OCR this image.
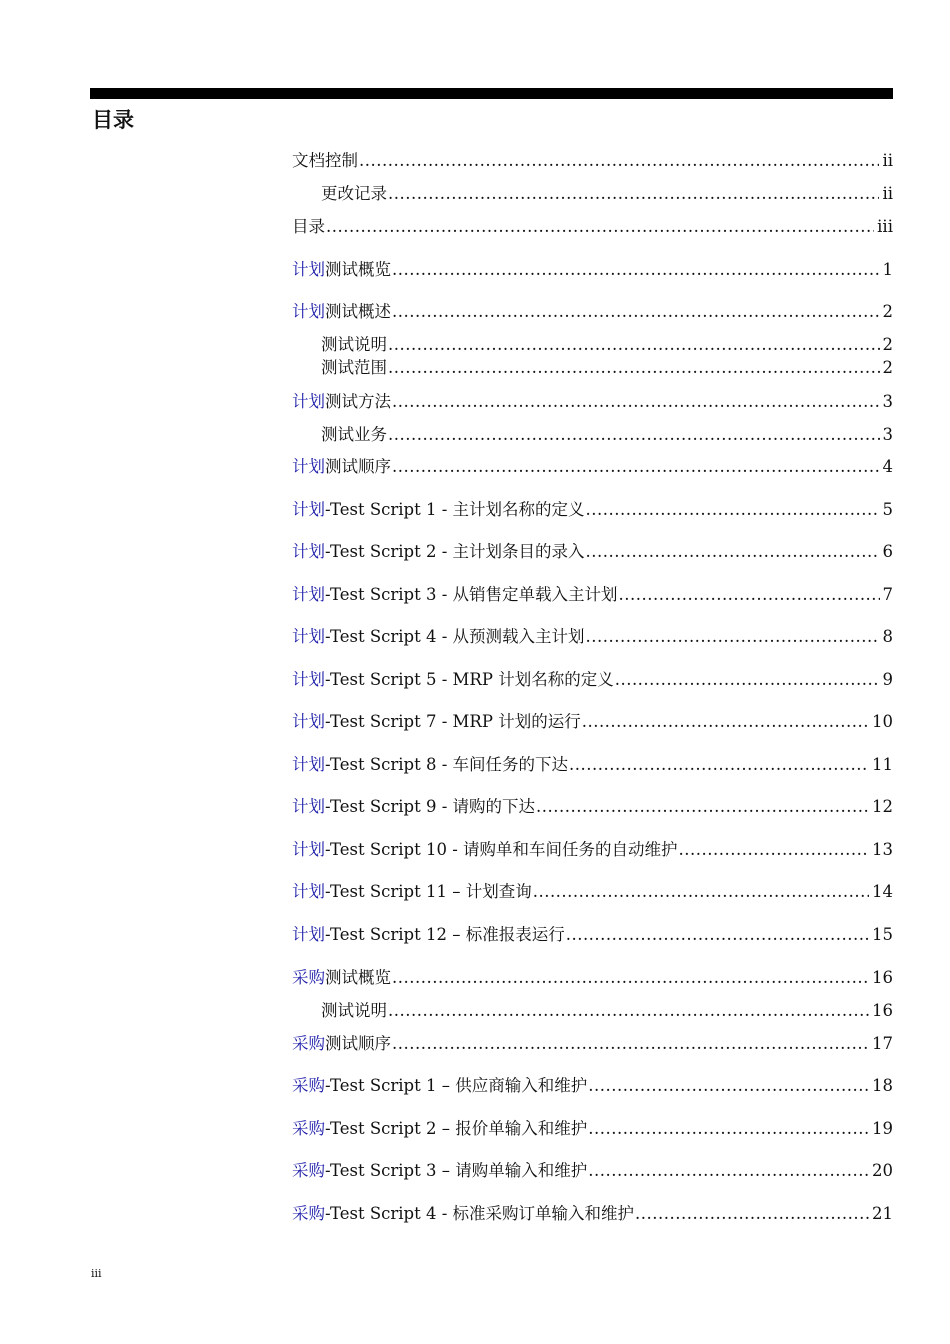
目录
文档控制 .....	ii
更改记录 .....	ii
目录 .....	iii
计划 测试概览 .....	1
计划 测试概述 .....	2
测试说明 .....	2
测试范围 .....	2
计划 测试方法 .....	3
测试业务 .....	3
计划 测试顺序 .....	4
计划 -Test Script 1 - 主计划名称的定义 .....	5
计划 -Test Script 2 - 主计划条目的录入 .....	6
计划 -Test Script 3 - 从销售定单载入主计划 .....	7
计划 -Test Script 4 - 从预测载入主计划 .....	8
计划 -Test Script 5 - MRP 计划名称的定义 .....	9
计划 -Test Script 7 - MRP 计划的运行 .....	10
计划 -Test Script 8 - 车间任务的下达 .....	11
计划 -Test Script 9 - 请购的下达 .....	12
计划 -Test Script 10 - 请购单和车间任务的自动维护 .....	13
计划 -Test Script 11 – 计划查询 .....	14
计划 -Test Script 12 – 标准报表运行 .....	15
采购 测试概览 .....	16
测试说明 .....	16
采购 测试顺序 .....	17
采购 -Test Script 1 – 供应商输入和维护 .....	18
采购 -Test Script 2 – 报价单输入和维护 .....	19
采购 -Test Script 3 – 请购单输入和维护 .....	20
采购 -Test Script 4 - 标准采购订单输入和维护 .....	21
iii
